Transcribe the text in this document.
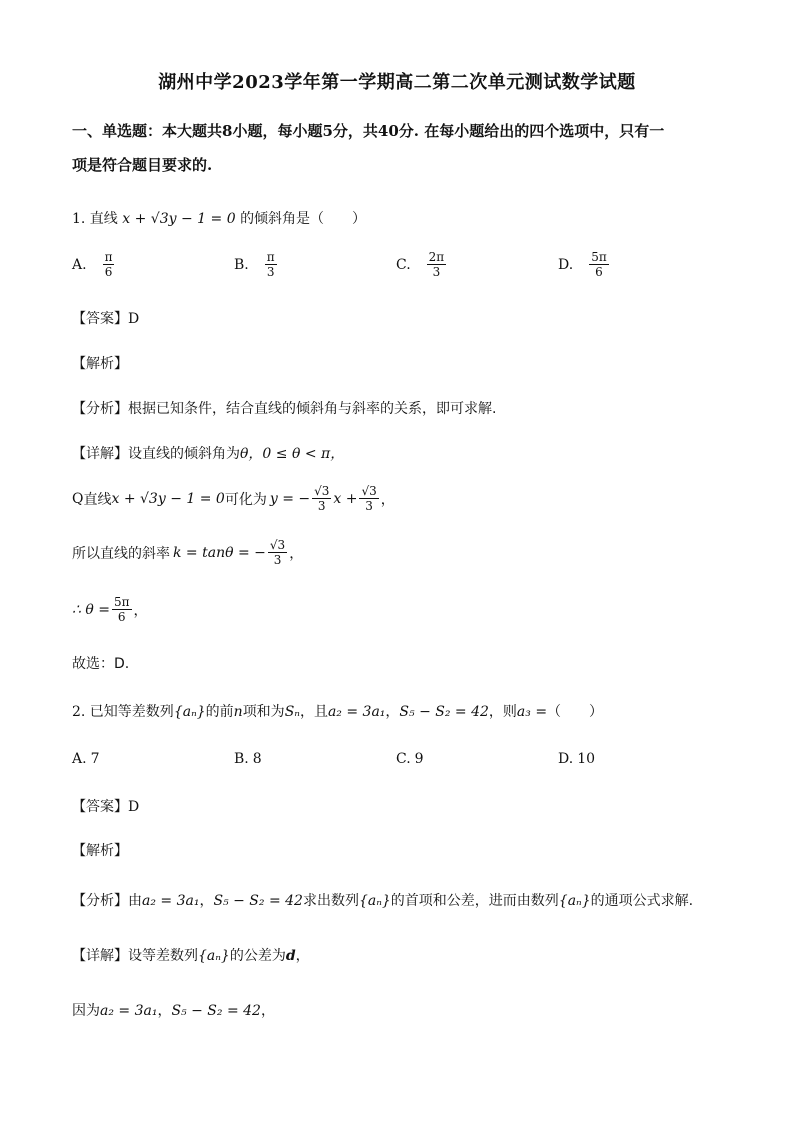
湖州中学2023学年第一学期高二第二次单元测试数学试题
一、单选题：本大题共8小题，每小题5分，共40分. 在每小题给出的四个选项中，只有一
项是符合题目要求的.
1. 直线 x + √3y − 1 = 0 的倾斜角是（　　）
A. $\frac{\pi}{6}$	B. $\frac{\pi}{3}$	C. $\frac{2\pi}{3}$	D. $\frac{5\pi}{6}$
【答案】D
【解析】
【分析】根据已知条件，结合直线的倾斜角与斜率的关系，即可求解.
【详解】设直线的倾斜角为θ，0 ≤ θ < π，
Q 直线 x + √3y − 1 = 0 可化为 y = − $\frac{√3}{3}$ $x + \frac{√3}{3}$ ，
所以直线的斜率 k = tanθ = − $\frac{√3}{3}$ ，
∴ $\theta = \frac{5\pi}{6}$ ，
故选：D.
2. 已知等差数列{aₙ}的前n项和为Sₙ，且a₂ = 3a₁，S₅ − S₂ = 42，则a₃ =（　　）
A. 7	B. 8	C. 9	D. 10
【答案】D
【解析】
【分析】由a₂ = 3a₁，S₅ − S₂ = 42求出数列{aₙ}的首项和公差，进而由数列{aₙ}的通项公式求解.
【详解】设等差数列{aₙ}的公差为d，
因为a₂ = 3a₁，S₅ − S₂ = 42，
